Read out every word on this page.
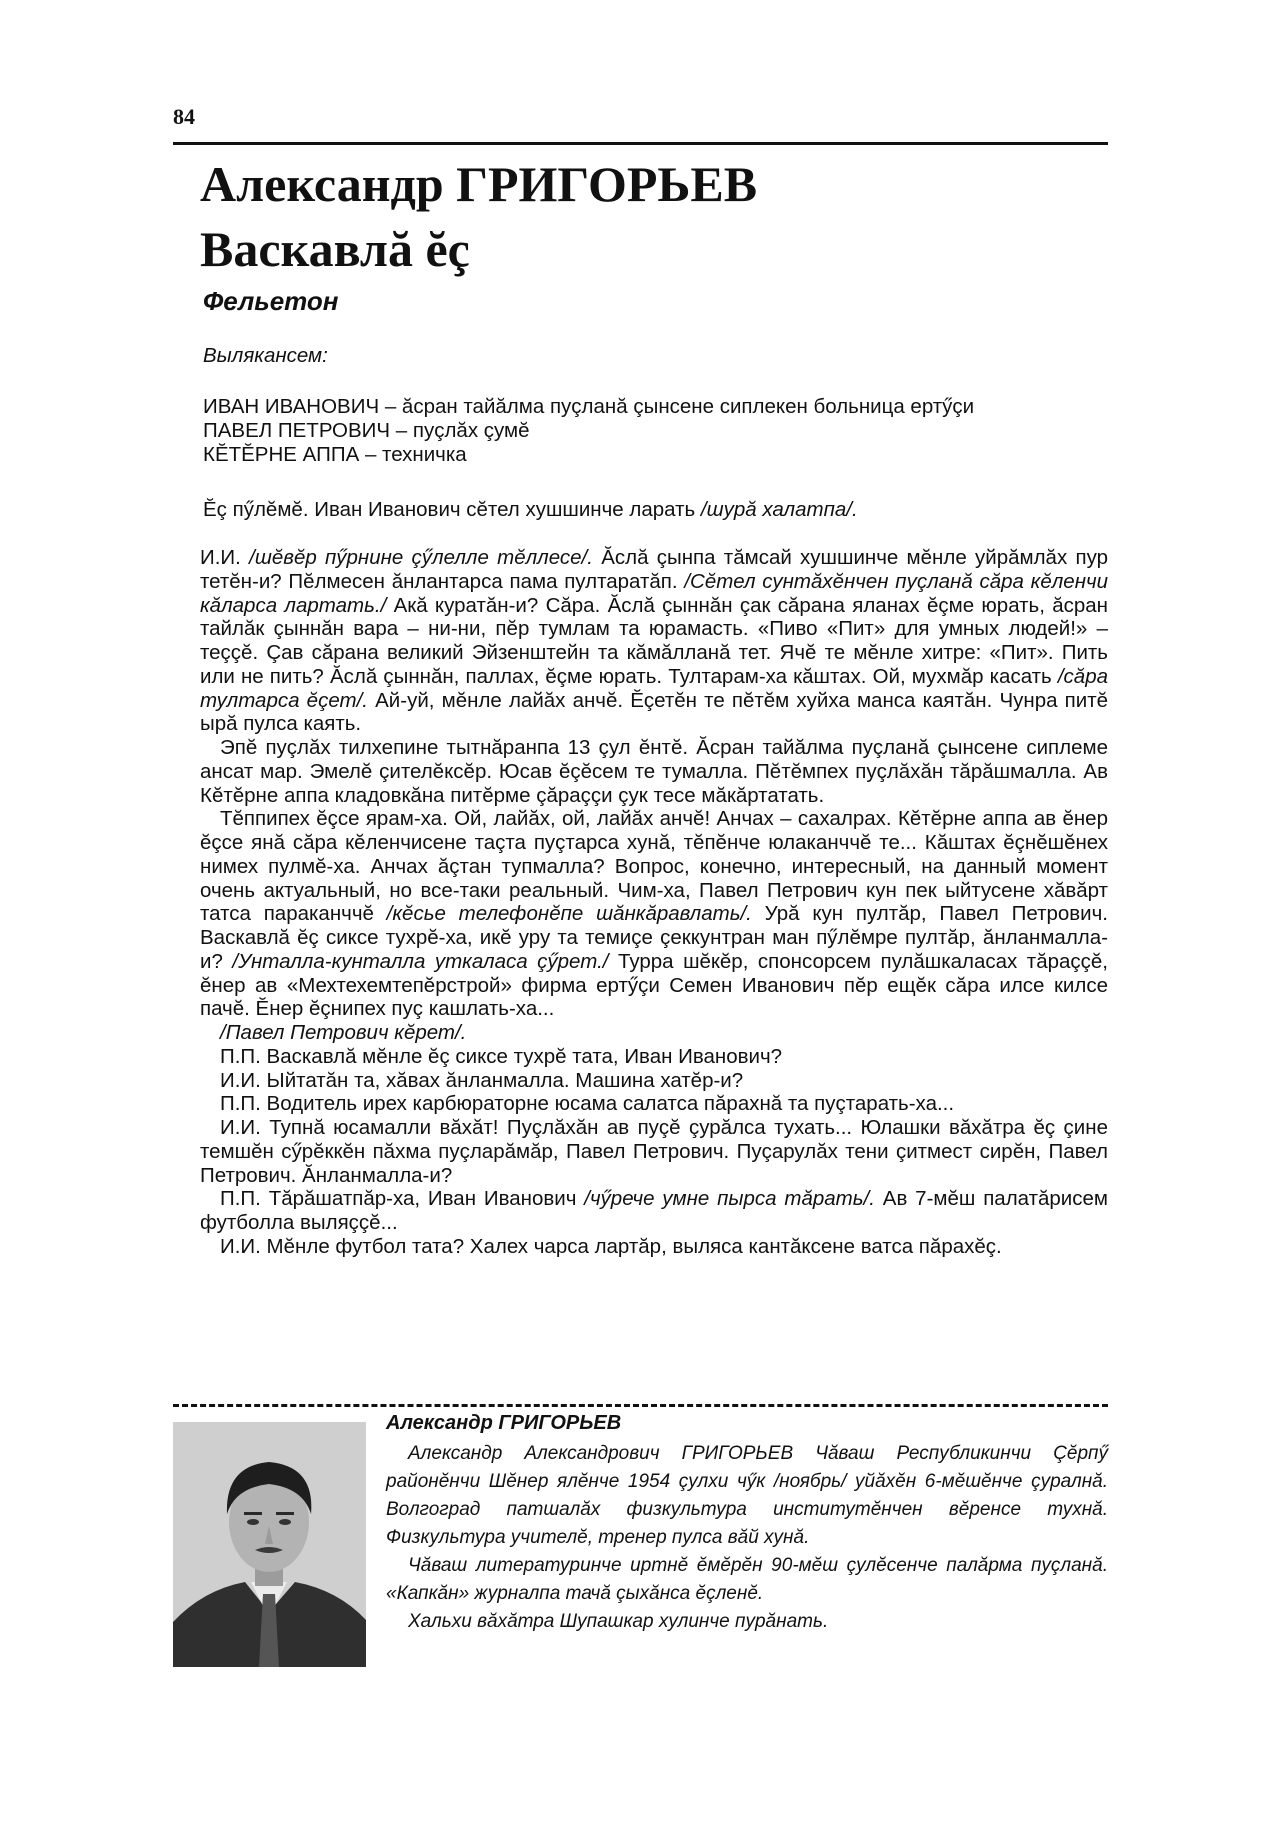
84
Александр ГРИГОРЬЕВ
Васкавлă ĕç
Фельетон
Вылякансем:
ИВАН ИВАНОВИЧ – ăсран тайăлма пуçланă çынсене сиплекен больница ертӳçи
ПАВЕЛ ПЕТРОВИЧ – пуçлăх çумĕ
КĔТĔРНЕ АППА – техничка
Ĕç пӳлĕмĕ. Иван Иванович сĕтел хушшинче ларать /шурă халатпа/.

И.И. /шĕвĕр пӳрнине çӳлелле тĕллесе/. Ăслă çынпа тăмсай хушшинче мĕнле уйрăмлăх пур тетĕн-и? Пĕлмесен ăнлантарса пама пултаратăп. /Сĕтел сунтăхĕнчен пуçланă сăра кĕленчи кăларса лартать./ Акă куратăн-и? Сăра. Ăслă çыннăн çак сăрана яланах ĕçме юрать, ăсран тайлăк çыннăн вара – ни-ни, пĕр тумлам та юрамасть. «Пиво «Пит» для умных людей!» – теççĕ. Çав сăрана великий Эйзенштейн та кăмăлланă тет. Ячĕ те мĕнле хитре: «Пит». Пить или не пить? Ăслă çыннăн, паллах, ĕçме юрать. Тултарам-ха кăштах. Ой, мухмăр касать /сăра тултарса ĕçет/. Ай-уй, мĕнле лайăх анчĕ. Ĕçетĕн те пĕтĕм хуйха манса каятăн. Чунра питĕ ырă пулса каять.

Эпĕ пуçлăх тилхепине тытнăранпа 13 çул ĕнтĕ. Ăсран тайăлма пуçланă çынсене сиплеме ансат мар. Эмелĕ çителĕксĕр. Юсав ĕçĕсем те тумалла. Пĕтĕмпех пуçлăхăн тăрăшмалла. Ав Кĕтĕрне аппа кладовкăна питĕрме çăраççи çук тесе мăкăртатать.

Тĕппипех ĕçсе ярам-ха. Ой, лайăх, ой, лайăх анчĕ! Анчах – сахалрах. Кĕтĕрне аппа ав ĕнер ĕçсе янă сăра кĕленчисене таçта пуçтарса хунă, тĕпĕнче юлаканччĕ те... Кăштах ĕçнĕшĕнех нимех пулмĕ-ха. Анчах ăçтан тупмалла? Вопрос, конечно, интересный, на данный момент очень актуальный, но все-таки реальный. Чим-ха, Павел Петрович кун пек ыйтусене хăвăрт татса параканччĕ /кĕсье телефонĕпе шăнкăравлать/. Урă кун пултăр, Павел Петрович. Васкавлă ĕç сиксе тухрĕ-ха, икĕ уру та темиçе çеккунтран ман пӳлĕмре пултăр, ăнланмалла-и? /Унталла-кунталла уткаласа çӳрет./ Турра шĕкĕр, спонсорсем пулăшкаласах тăраççĕ, ĕнер ав «Мехтехемтепĕрстрой» фирма ертӳçи Семен Иванович пĕр ещĕк сăра илсе килсе пачĕ. Ĕнер ĕçнипех пуç кашлать-ха...

/Павел Петрович кĕрет/.

П.П. Васкавлă мĕнле ĕç сиксе тухрĕ тата, Иван Иванович?

И.И. Ыйтатăн та, хăвах ăнланмалла. Машина хатĕр-и?

П.П. Водитель ирех карбюраторне юсама салатса пăрахнă та пуçтарать-ха...

И.И. Тупнă юсамалли вăхăт! Пуçлăхăн ав пуçĕ çурăлса тухать... Юлашки вăхăтра ĕç çине темшĕн сӳрĕккĕн пăхма пуçларăмăр, Павел Петрович. Пуçарулăх тени çитмест сирĕн, Павел Петрович. Ăнланмалла-и?

П.П. Тăрăшатпăр-ха, Иван Иванович /чӳрече умне пырса тăрать/. Ав 7-мĕш палатăрисем футболла выляççĕ...

И.И. Мĕнле футбол тата? Халех чарса лартăр, выляса кантăксене ватса пăрахĕç.

Александр ГРИГОРЬЕВ

Александр Александрович ГРИГОРЬЕВ Чăваш Республикинчи Çĕрпӳ районĕнчи Шĕнер ялĕнче 1954 çулхи чӳк /ноябрь/ уйăхĕн 6-мĕшĕнче çуралнă. Волгоград патшалăх физкультура институтĕнчен вĕренсе тухнă. Физкультура учителĕ, тренер пулса вăй хунă.

Чăваш литературинче иртнĕ ĕмĕрĕн 90-мĕш çулĕсенче палăрма пуçланă. «Капкăн» журналпа тачă çыхăнса ĕçленĕ.

Хальхи вăхăтра Шупашкар хулинче пурăнать.
